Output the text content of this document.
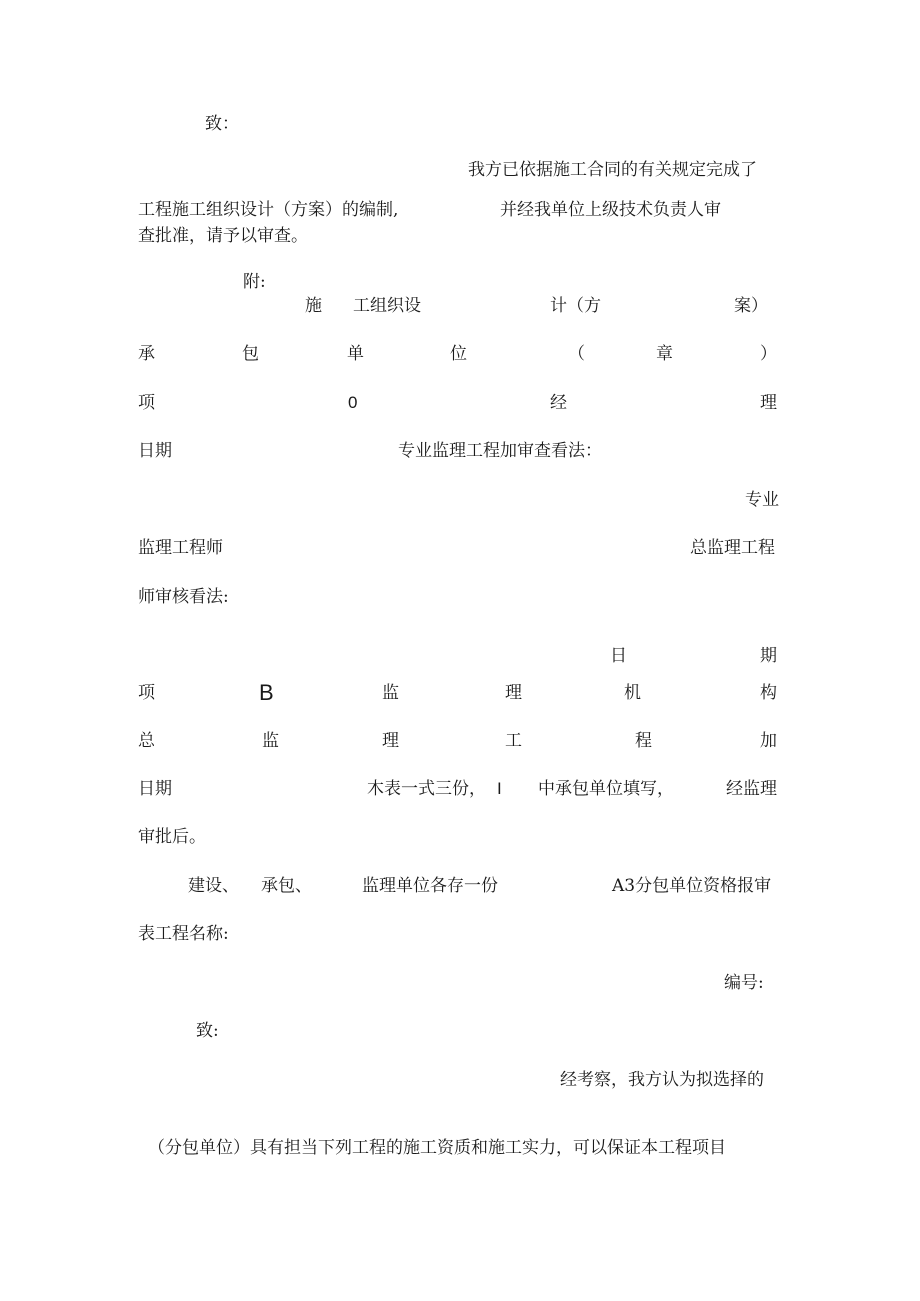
致：
我方已依据施工合同的有关规定完成了
工程施工组织设计（方案）的编制,	并经我单位上级技术负责人审
查批准，请予以审查。
附:
施 工组织设	计（方	案）
承	包	单	位	（	章	）
项	0	经	理
日期	专业监理工程加审查看法：
专业
监理工程师	总监理工程
师审核看法:
日	期
项	B	监	理	机	构
总	监	理	工	程	加
日期	木表一式三份， I 中承包单位填写，	经监理
审批后。
建设、 承包、	监理单位各存一份	A3分包单位资格报审
表工程名称:
编号:
致:
经考察，我方认为拟选择的
（分包单位）具有担当下列工程的施工资质和施工实力，可以保证本工程项目
